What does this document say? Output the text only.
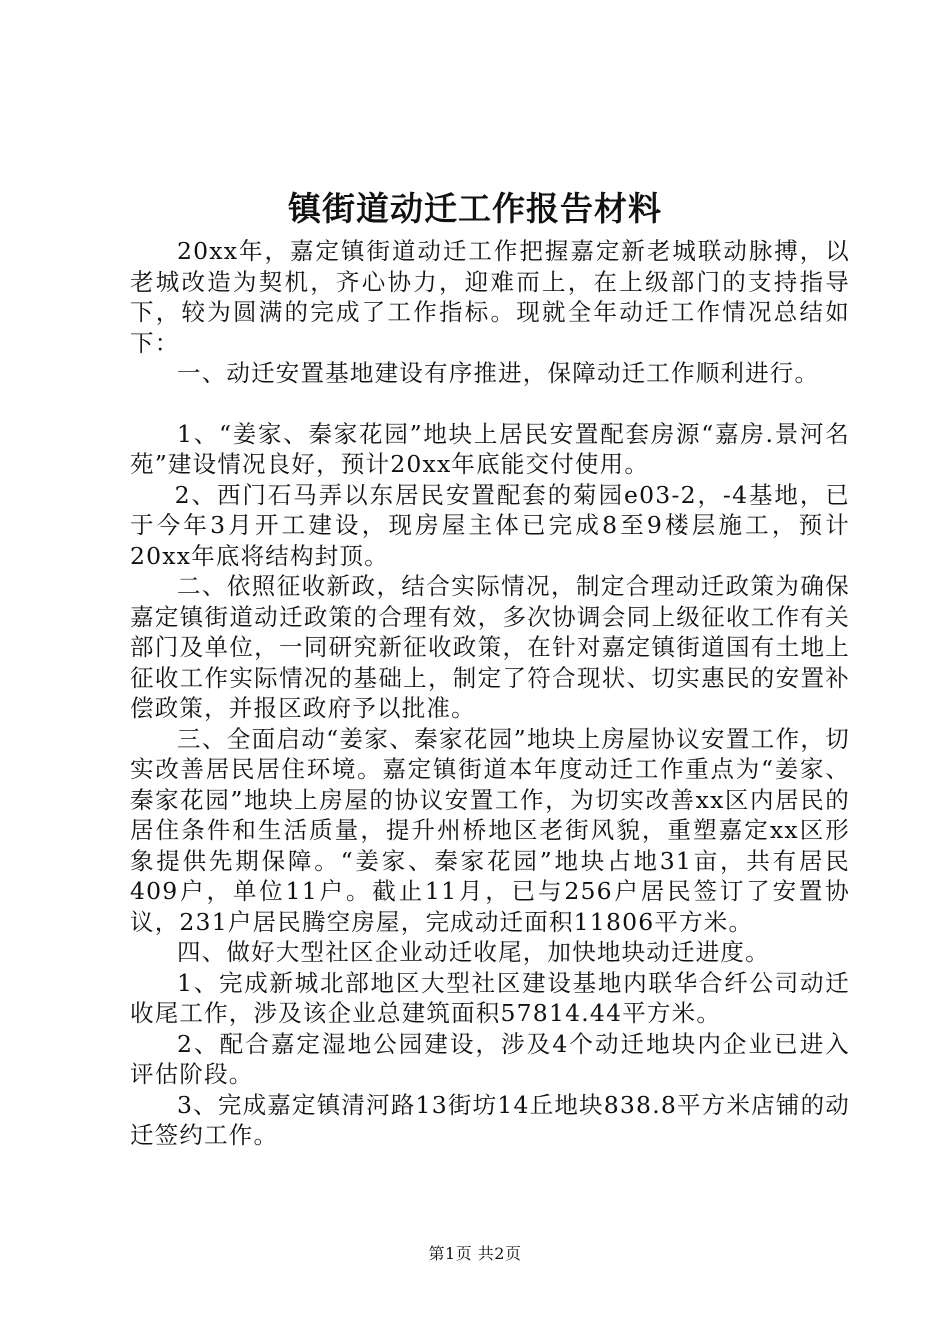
镇街道动迁工作报告材料

20xx年，嘉定镇街道动迁工作把握嘉定新老城联动脉搏，以老城改造为契机，齐心协力，迎难而上，在上级部门的支持指导下，较为圆满的完成了工作指标。现就全年动迁工作情况总结如下：

一、动迁安置基地建设有序推进，保障动迁工作顺利进行。

1、“姜家、秦家花园”地块上居民安置配套房源“嘉房.景河名苑”建设情况良好，预计20xx年底能交付使用。

2、西门石马弄以东居民安置配套的菊园e03-2，-4基地，已于今年3月开工建设，现房屋主体已完成8至9楼层施工，预计20xx年底将结构封顶。

二、依照征收新政，结合实际情况，制定合理动迁政策为确保嘉定镇街道动迁政策的合理有效，多次协调会同上级征收工作有关部门及单位，一同研究新征收政策，在针对嘉定镇街道国有土地上征收工作实际情况的基础上，制定了符合现状、切实惠民的安置补偿政策，并报区政府予以批准。

三、全面启动“姜家、秦家花园”地块上房屋协议安置工作，切实改善居民居住环境。嘉定镇街道本年度动迁工作重点为“姜家、秦家花园”地块上房屋的协议安置工作，为切实改善xx区内居民的居住条件和生活质量，提升州桥地区老街风貌，重塑嘉定xx区形象提供先期保障。“姜家、秦家花园”地块占地31亩，共有居民409户，单位11户。截止11月，已与256户居民签订了安置协议，231户居民腾空房屋，完成动迁面积11806平方米。

四、做好大型社区企业动迁收尾，加快地块动迁进度。

1、完成新城北部地区大型社区建设基地内联华合纤公司动迁收尾工作，涉及该企业总建筑面积57814.44平方米。

2、配合嘉定湿地公园建设，涉及4个动迁地块内企业已进入评估阶段。

3、完成嘉定镇清河路13街坊14丘地块838.8平方米店铺的动迁签约工作。

第1页 共2页
